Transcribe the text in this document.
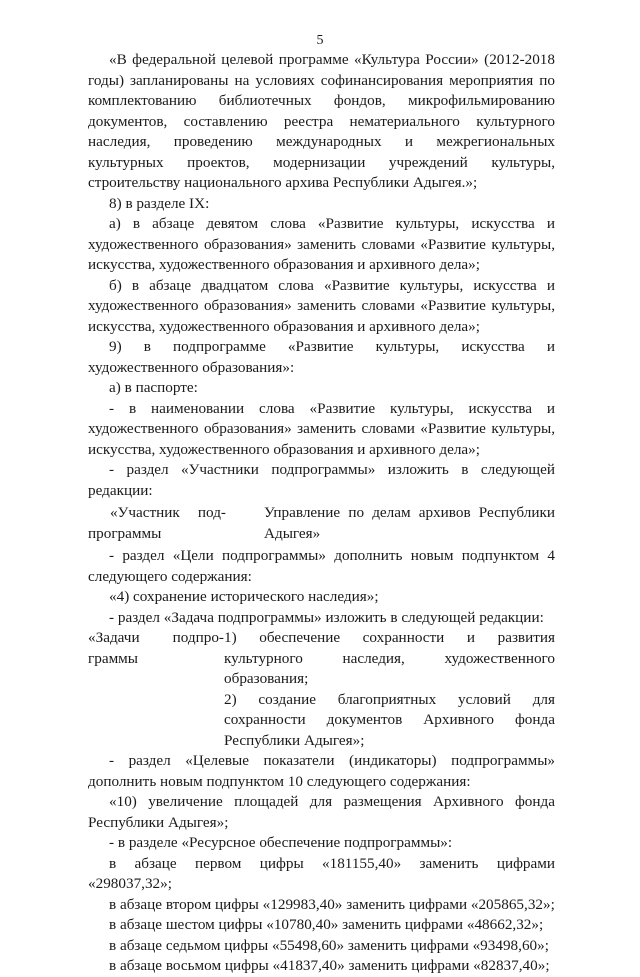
5

«В федеральной целевой программе «Культура России» (2012-2018 годы) запланированы на условиях софинансирования мероприятия по комплектованию библиотечных фондов, микрофильмированию документов, составлению реестра нематериального культурного наследия, проведению международных и межрегиональных культурных проектов, модернизации учреждений культуры, строительству национального архива Республики Адыгея.»;

8) в разделе IX:

а) в абзаце девятом слова «Развитие культуры, искусства и художественного образования» заменить словами «Развитие культуры, искусства, художественного образования и архивного дела»;

б) в абзаце двадцатом слова «Развитие культуры, искусства и художественного образования» заменить словами «Развитие культуры, искусства, художественного образования и архивного дела»;

9) в подпрограмме «Развитие культуры, искусства и художественного образования»:

а) в паспорте:

- в наименовании слова «Развитие культуры, искусства и художественного образования» заменить словами «Развитие культуры, искусства, художественного образования и архивного дела»;

- раздел «Участники подпрограммы» изложить в следующей редакции:

«Участник под-
программы
Управление по делам архивов Республики Адыгея»

- раздел «Цели подпрограммы» дополнить новым подпунктом 4 следующего содержания:

«4) сохранение исторического наследия»;

- раздел «Задача подпрограммы» изложить в следующей редакции:

«Задачи подпро-
граммы
1) обеспечение сохранности и развития культурного наследия, художественного образования;
2) создание благоприятных условий для сохранности документов Архивного фонда Республики Адыгея»;

- раздел «Целевые показатели (индикаторы) подпрограммы» дополнить новым подпунктом 10 следующего содержания:

«10) увеличение площадей для размещения Архивного фонда Республики Адыгея»;

- в разделе «Ресурсное обеспечение подпрограммы»:

в абзаце первом цифры «181155,40» заменить цифрами «298037,32»;

в абзаце втором цифры «129983,40» заменить цифрами «205865,32»;

в абзаце шестом цифры «10780,40» заменить цифрами «48662,32»;

в абзаце седьмом цифры «55498,60» заменить цифрами «93498,60»;

в абзаце восьмом цифры «41837,40» заменить цифрами «82837,40»;
